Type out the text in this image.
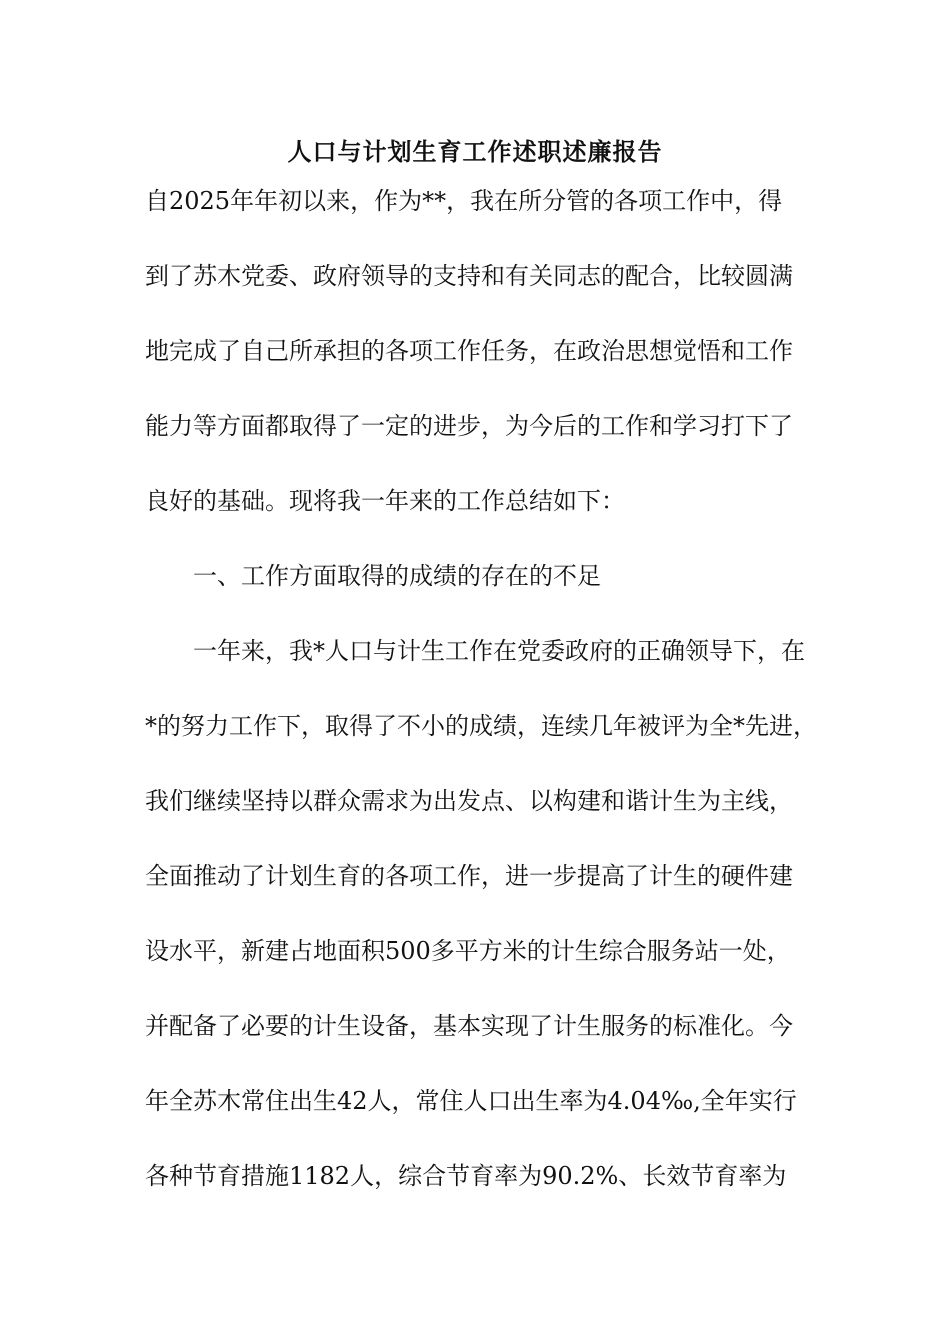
人口与计划生育工作述职述廉报告
自2025年年初以来，作为**，我在所分管的各项工作中，得
到了苏木党委、政府领导的支持和有关同志的配合，比较圆满
地完成了自己所承担的各项工作任务，在政治思想觉悟和工作
能力等方面都取得了一定的进步，为今后的工作和学习打下了
良好的基础。现将我一年来的工作总结如下：
　　一、工作方面取得的成绩的存在的不足
　　一年来，我*人口与计生工作在党委政府的正确领导下，在
*的努力工作下，取得了不小的成绩，连续几年被评为全*先进，
我们继续坚持以群众需求为出发点、以构建和谐计生为主线，
全面推动了计划生育的各项工作，进一步提高了计生的硬件建
设水平，新建占地面积500多平方米的计生综合服务站一处，
并配备了必要的计生设备，基本实现了计生服务的标准化。今
年全苏木常住出生42人，常住人口出生率为4.04‰,全年实行
各种节育措施1182人，综合节育率为90.2%、长效节育率为
